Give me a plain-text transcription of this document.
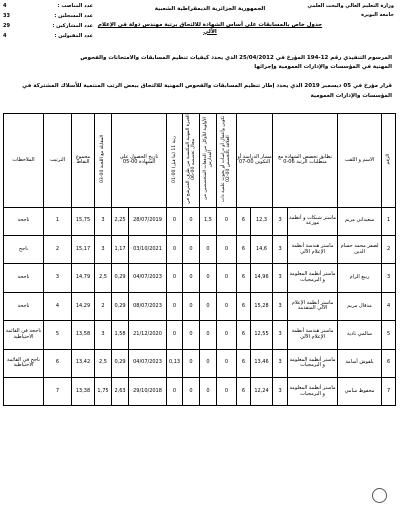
وزارة التعليم العالي والبحث العلمي
جامعة البويرة
الجمهورية الجزائرية الديمقراطية الشعبية
جدول خاص بالمسابقات على أساس الشهادة للالتحاق برتبة مهندس دولة في الإعلام الآلي
عدد المناصب :
4
عدد المسجلين :
33
عدد المشاركين :
29
عدد المقبولين :
4
المرسوم التنفيذي رقم 12-194 المؤرخ في 25/04/2012 الذي يحدد كيفيات تنظيم المسابقات والامتحانات والفحوص
المهنية في المؤسسات والإدارات العمومية وإجرائها
قرار مؤرخ في 05 ديسمبر 2019 الذي يحدد إطار تنظيم المسابقات والفحوص المهنية للالتحاق ببعض الرتب المنتمية للأسلاك المشتركة في
المؤسسات والإدارات العمومية
الرقم	الاسم و اللقب	تطابق تخصص الشهادة مع متطلبات الرتبة 06-0		مسار الدراسة أو التكوين 00-07		تكوين وأعمال أو دراسات أو بحوث علمية ذات العلاقة بالتخصص 00-02	الأولوية للأوائل من الدفعات المتخصصين من المدارس	الخبرة المهنية المكتسبة من طرف المترشح في مجال تخصصه 00-06	رتبة 11 (ما قبل) 00-01	تاريخ الحصول على الشهادة 00-05		المقابلة مع اللجنة 00-03	مجموع النقاط	الترتيب	الملاحظات
1	سعيداني مريم	ماستر شبكات و أنظمة موزعة	3	12,3	6	0	1,5	0	0	28/07/2019	2,25	3	15,75	1	ناجحة
2	لصفر محمد حسام الدين	ماستر هندسة أنظمة الإعلام الآلي	3	14,6	6	0	0	0	0	03/10/2021	1,17	3	15,17	2	ناجح
3	ربيع الرام	ماستر أنظمة المعلومة و البرمجيات	3	14,96	6	0	0	0	0	04/07/2023	0,29	2,5	14,79	3	ناجحة
4	مدقال مريم	ماستر أنظمة الإعلام الآلي المتقدمة	3	15,28	6	0	0	0	0	08/07/2023	0,29	2	14,29	4	ناجحة
5	سالمي نادية	ماستر هندسة أنظمة الإعلام الآلي	3	12,55	6	0	0	0	0	21/12/2020	1,58	3	13,58	5	ناجحة في القائمة الاحتياطية
6	بلقوش أسامة	ماستر أنظمة المعلومة و البرمجيات	3	13,46	6	0	0	0	0,13	04/07/2023	0,29	2,5	13,42	6	ناجح في القائمة الاحتياطية
7	محفوظ سامي	ماستر أنظمة المعلومة و البرمجيات	3	12,24	6	0	0	0	0	29/10/2018	2,63	1,75	13,38	7	
